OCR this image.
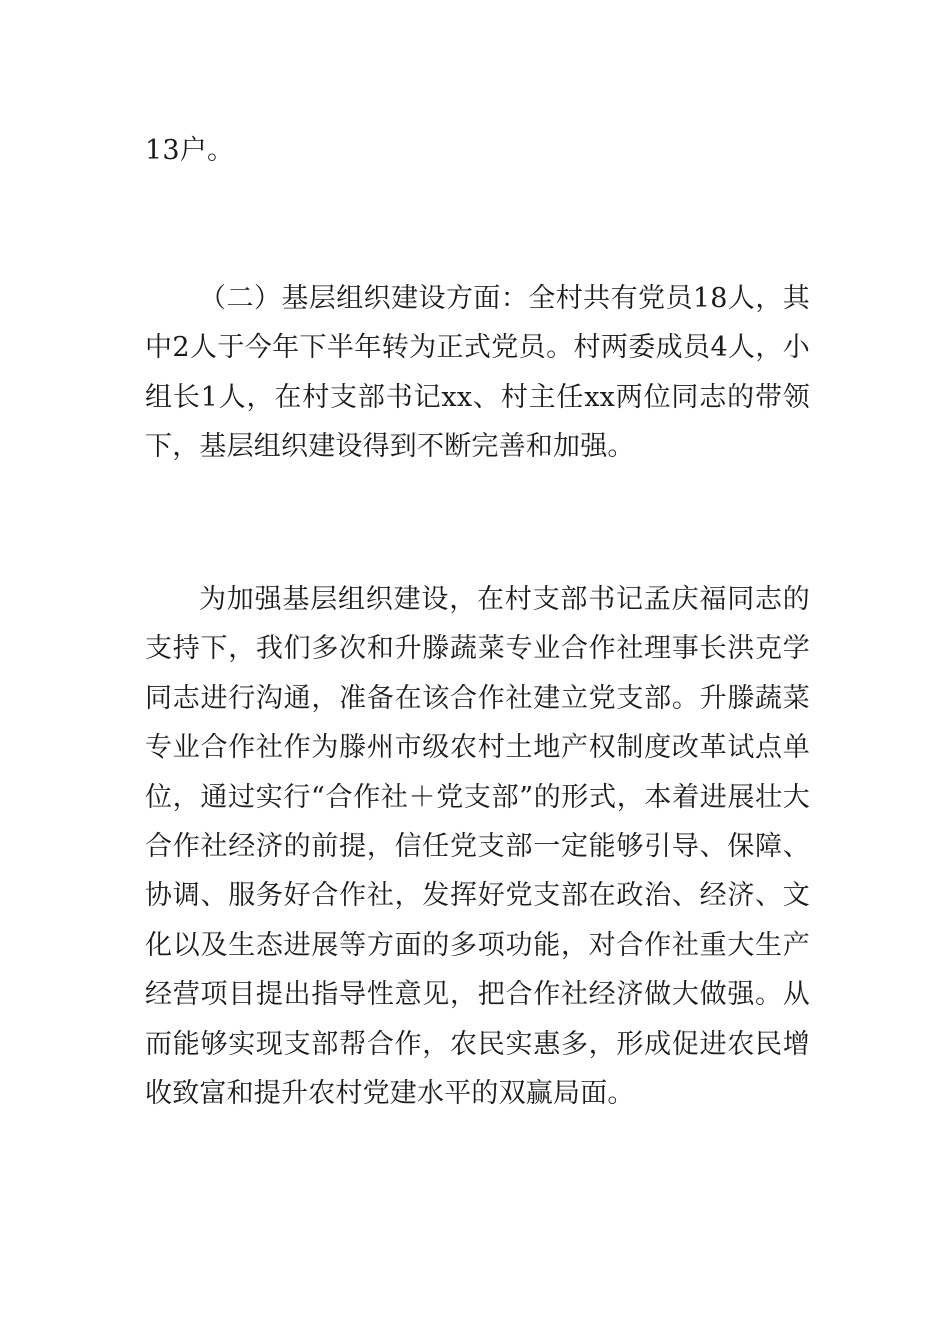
13户。

（二）基层组织建设方面：全村共有党员18人，其中2人于今年下半年转为正式党员。村两委成员4人，小组长1人，在村支部书记xx、村主任xx两位同志的带领下，基层组织建设得到不断完善和加强。

为加强基层组织建设，在村支部书记孟庆福同志的支持下，我们多次和升滕蔬菜专业合作社理事长洪克学同志进行沟通，准备在该合作社建立党支部。升滕蔬菜专业合作社作为滕州市级农村土地产权制度改革试点单位，通过实行“合作社＋党支部”的形式，本着进展壮大合作社经济的前提，信任党支部一定能够引导、保障、协调、服务好合作社，发挥好党支部在政治、经济、文化以及生态进展等方面的多项功能，对合作社重大生产经营项目提出指导性意见，把合作社经济做大做强。从而能够实现支部帮合作，农民实惠多，形成促进农民增收致富和提升农村党建水平的双赢局面。
